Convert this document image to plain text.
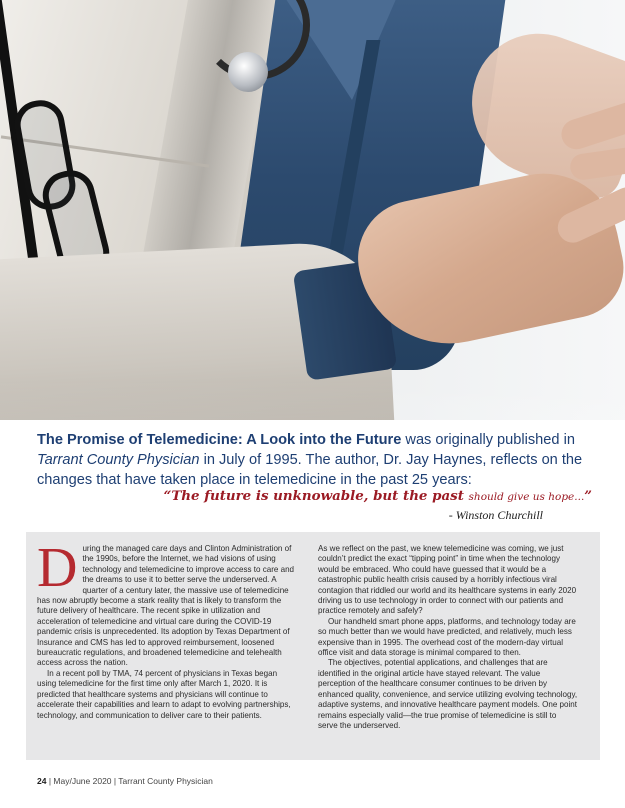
The Promise of Telemedicine: A Look into the Future was originally published in Tarrant County Physician in July of 1995. The author, Dr. Jay Haynes, reflects on the changes that have taken place in telemedicine in the past 25 years:
“The future is unknowable, but the past should give us hope...”
- Winston Churchill
D uring the managed care days and Clinton Administration of the 1990s, before the Internet, we had visions of using technology and telemedicine to improve access to care and the dreams to use it to better serve the underserved. A quarter of a century later, the massive use of telemedicine has now abruptly become a stark reality that is likely to transform the future delivery of healthcare. The recent spike in utilization and acceleration of telemedicine and virtual care during the COVID-19 pandemic crisis is unprecedented. Its adoption by Texas Department of Insurance and CMS has led to approved reimbursement, loosened bureaucratic regulations, and broadened telemedicine and telehealth access across the nation.

In a recent poll by TMA, 74 percent of physicians in Texas began using telemedicine for the first time only after March 1, 2020. It is predicted that healthcare systems and physicians will continue to accelerate their capabilities and learn to adapt to evolving partnerships, technology, and communication to deliver care to their patients.

As we reflect on the past, we knew telemedicine was coming, we just couldn’t predict the exact “tipping point” in time when the technology would be embraced. Who could have guessed that it would be a catastrophic public health crisis caused by a horribly infectious viral contagion that riddled our world and its healthcare systems in early 2020 driving us to use technology in order to connect with our patients and practice remotely and safely?

Our handheld smart phone apps, platforms, and technology today are so much better than we would have predicted, and relatively, much less expensive than in 1995. The overhead cost of the modern-day virtual office visit and data storage is minimal compared to then.

The objectives, potential applications, and challenges that are identified in the original article have stayed relevant. The value perception of the healthcare consumer continues to be driven by enhanced quality, convenience, and service utilizing evolving technology, adaptive systems, and innovative healthcare payment models. One point remains especially valid—the true promise of telemedicine is still to serve the underserved.

24 | May/June 2020 | Tarrant County Physician
